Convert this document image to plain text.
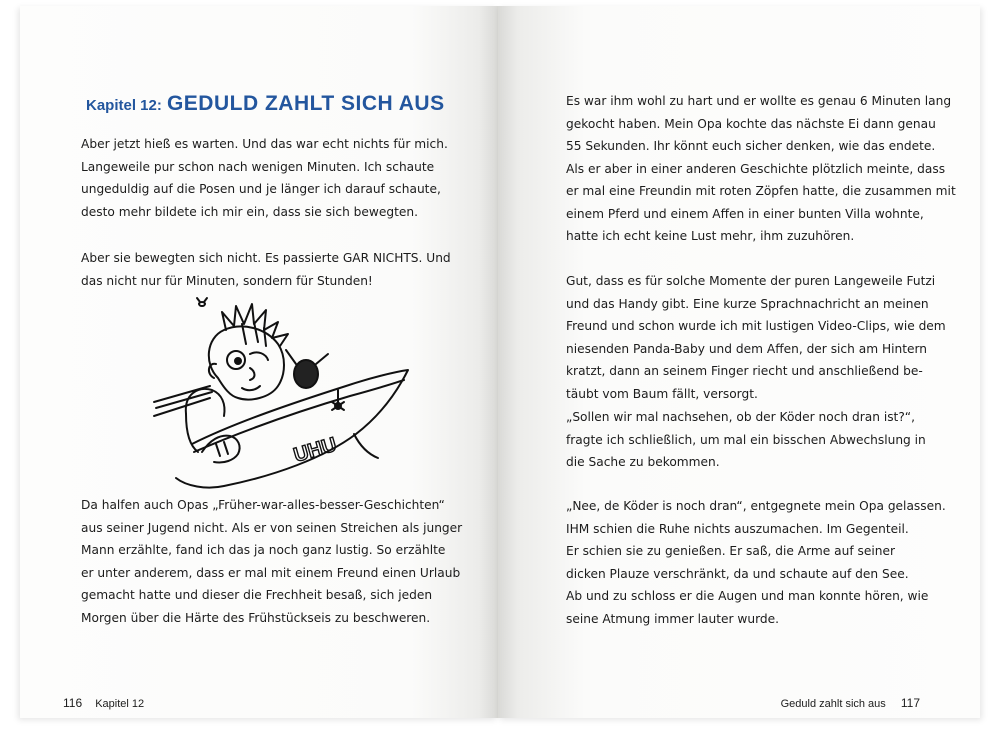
Kapitel 12: GEDULD ZAHLT SICH AUS

Aber jetzt hieß es warten. Und das war echt nichts für mich.
Langeweile pur schon nach wenigen Minuten. Ich schaute
ungeduldig auf die Posen und je länger ich darauf schaute,
desto mehr bildete ich mir ein, dass sie sich bewegten.

Aber sie bewegten sich nicht. Es passierte GAR NICHTS. Und
das nicht nur für Minuten, sondern für Stunden!

UHU

Da halfen auch Opas „Früher-war-alles-besser-Geschichten“
aus seiner Jugend nicht. Als er von seinen Streichen als junger
Mann erzählte, fand ich das ja noch ganz lustig. So erzählte
er unter anderem, dass er mal mit einem Freund einen Urlaub
gemacht hatte und dieser die Frechheit besaß, sich jeden
Morgen über die Härte des Frühstückseis zu beschweren.

116 Kapitel 12

Es war ihm wohl zu hart und er wollte es genau 6 Minuten lang
gekocht haben. Mein Opa kochte das nächste Ei dann genau
55 Sekunden. Ihr könnt euch sicher denken, wie das endete.
Als er aber in einer anderen Geschichte plötzlich meinte, dass
er mal eine Freundin mit roten Zöpfen hatte, die zusammen mit
einem Pferd und einem Affen in einer bunten Villa wohnte,
hatte ich echt keine Lust mehr, ihm zuzuhören.

Gut, dass es für solche Momente der puren Langeweile Futzi
und das Handy gibt. Eine kurze Sprachnachricht an meinen
Freund und schon wurde ich mit lustigen Video-Clips, wie dem
niesenden Panda-Baby und dem Affen, der sich am Hintern
kratzt, dann an seinem Finger riecht und anschließend be-
täubt vom Baum fällt, versorgt.

„Sollen wir mal nachsehen, ob der Köder noch dran ist?“,
fragte ich schließlich, um mal ein bisschen Abwechslung in
die Sache zu bekommen.

„Nee, de Köder is noch dran“, entgegnete mein Opa gelassen.
IHM schien die Ruhe nichts auszumachen. Im Gegenteil.
Er schien sie zu genießen. Er saß, die Arme auf seiner
dicken Plauze verschränkt, da und schaute auf den See.
Ab und zu schloss er die Augen und man konnte hören, wie
seine Atmung immer lauter wurde.

Geduld zahlt sich aus 117
